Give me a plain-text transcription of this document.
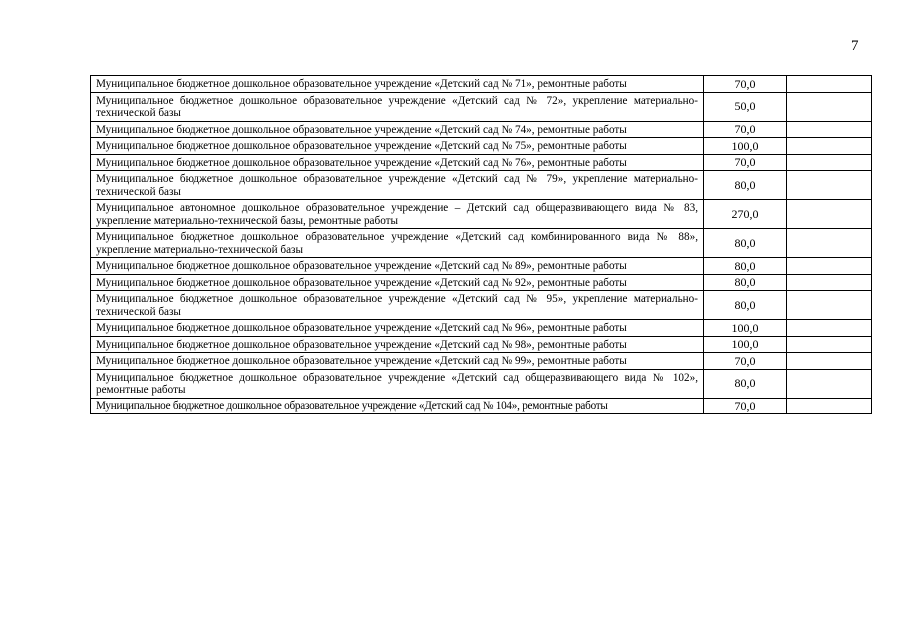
7
Муниципальное бюджетное дошкольное образовательное учреждение «Детский сад № 71», ремонтные работы	70,0	
Муниципальное бюджетное дошкольное образовательное учреждение «Детский сад № 72», укрепление материально-технической базы	50,0	
Муниципальное бюджетное дошкольное образовательное учреждение «Детский сад № 74», ремонтные работы	70,0	
Муниципальное бюджетное дошкольное образовательное учреждение «Детский сад № 75», ремонтные работы	100,0	
Муниципальное бюджетное дошкольное образовательное учреждение «Детский сад № 76», ремонтные работы	70,0	
Муниципальное бюджетное дошкольное образовательное учреждение «Детский сад № 79», укрепление материально-технической базы	80,0	
Муниципальное автономное дошкольное образовательное учреждение – Детский сад общеразвивающего вида № 83, укрепление материально-технической базы, ремонтные работы	270,0	
Муниципальное бюджетное дошкольное образовательное учреждение «Детский сад комбинированного вида № 88», укрепление материально-технической базы	80,0	
Муниципальное бюджетное дошкольное образовательное учреждение «Детский сад № 89», ремонтные работы	80,0	
Муниципальное бюджетное дошкольное образовательное учреждение «Детский сад № 92», ремонтные работы	80,0	
Муниципальное бюджетное дошкольное образовательное учреждение «Детский сад № 95», укрепление материально-технической базы	80,0	
Муниципальное бюджетное дошкольное образовательное учреждение «Детский сад № 96», ремонтные работы	100,0	
Муниципальное бюджетное дошкольное образовательное учреждение «Детский сад № 98», ремонтные работы	100,0	
Муниципальное бюджетное дошкольное образовательное учреждение «Детский сад № 99», ремонтные работы	70,0	
Муниципальное бюджетное дошкольное образовательное учреждение «Детский сад общеразвивающего вида № 102», ремонтные работы	80,0	
Муниципальное бюджетное дошкольное образовательное учреждение «Детский сад № 104», ремонтные работы	70,0	
